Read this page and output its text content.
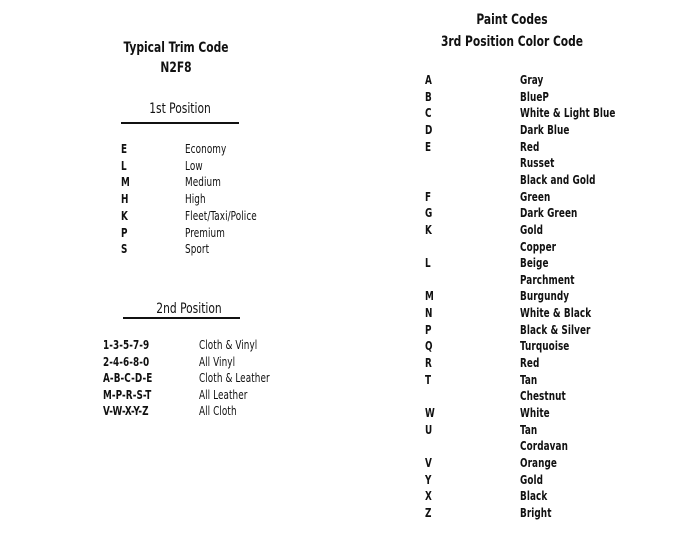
Typical Trim Code
N2F8
1st Position
E	Economy
L	Low
M	Medium
H	High
K	Fleet/Taxi/Police
P	Premium
S	Sport
2nd Position
1-3-5-7-9	Cloth & Vinyl
2-4-6-8-0	All Vinyl
A-B-C-D-E	Cloth & Leather
M-P-R-S-T	All Leather
V-W-X-Y-Z	All Cloth
Paint Codes
3rd Position Color Code
A	Gray
B	BlueP
C	White & Light Blue
D	Dark Blue
E	Red
Russet
Black and Gold
F	Green
G	Dark Green
K	Gold
Copper
L	Beige
Parchment
M	Burgundy
N	White & Black
P	Black & Silver
Q	Turquoise
R	Red
T	Tan
Chestnut
W	White
U	Tan
Cordavan
V	Orange
Y	Gold
X	Black
Z	Bright
